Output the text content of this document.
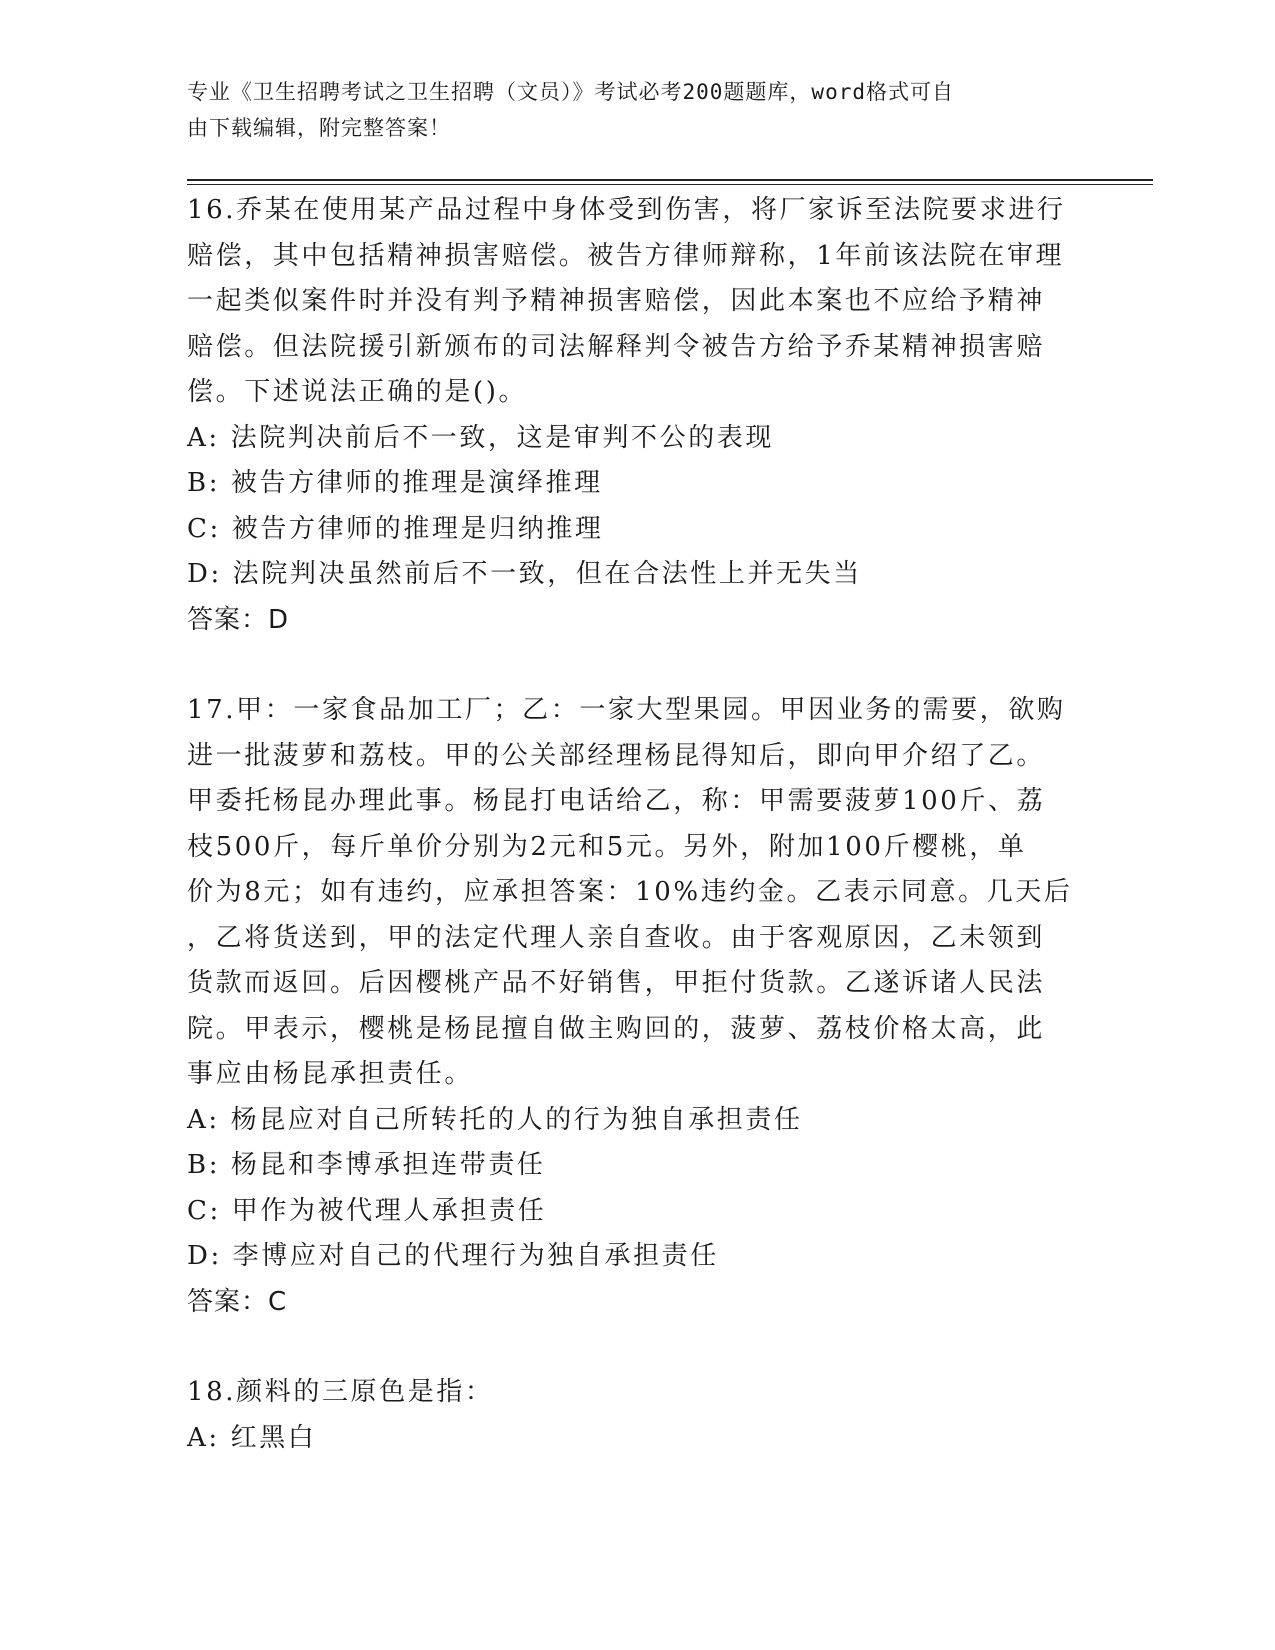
专业《卫生招聘考试之卫生招聘（文员）》考试必考200题题库，word格式可自
由下载编辑，附完整答案！

16.乔某在使用某产品过程中身体受到伤害，将厂家诉至法院要求进行

赔偿，其中包括精神损害赔偿。被告方律师辩称，1年前该法院在审理

一起类似案件时并没有判予精神损害赔偿，因此本案也不应给予精神

赔偿。但法院援引新颁布的司法解释判令被告方给予乔某精神损害赔

偿。下述说法正确的是()。

A: 法院判决前后不一致，这是审判不公的表现

B: 被告方律师的推理是演绎推理

C: 被告方律师的推理是归纳推理

D: 法院判决虽然前后不一致，但在合法性上并无失当

答案：D

17.甲：一家食品加工厂；乙：一家大型果园。甲因业务的需要，欲购

进一批菠萝和荔枝。甲的公关部经理杨昆得知后，即向甲介绍了乙。

甲委托杨昆办理此事。杨昆打电话给乙，称：甲需要菠萝100斤、荔

枝500斤，每斤单价分别为2元和5元。另外，附加100斤樱桃，单

价为8元；如有违约，应承担答案：10%违约金。乙表示同意。几天后

，乙将货送到，甲的法定代理人亲自查收。由于客观原因，乙未领到

货款而返回。后因樱桃产品不好销售，甲拒付货款。乙遂诉诸人民法

院。甲表示，樱桃是杨昆擅自做主购回的，菠萝、荔枝价格太高，此

事应由杨昆承担责任。

A: 杨昆应对自己所转托的人的行为独自承担责任

B: 杨昆和李博承担连带责任

C: 甲作为被代理人承担责任

D: 李博应对自己的代理行为独自承担责任

答案：C

18.颜料的三原色是指：

A: 红黑白
